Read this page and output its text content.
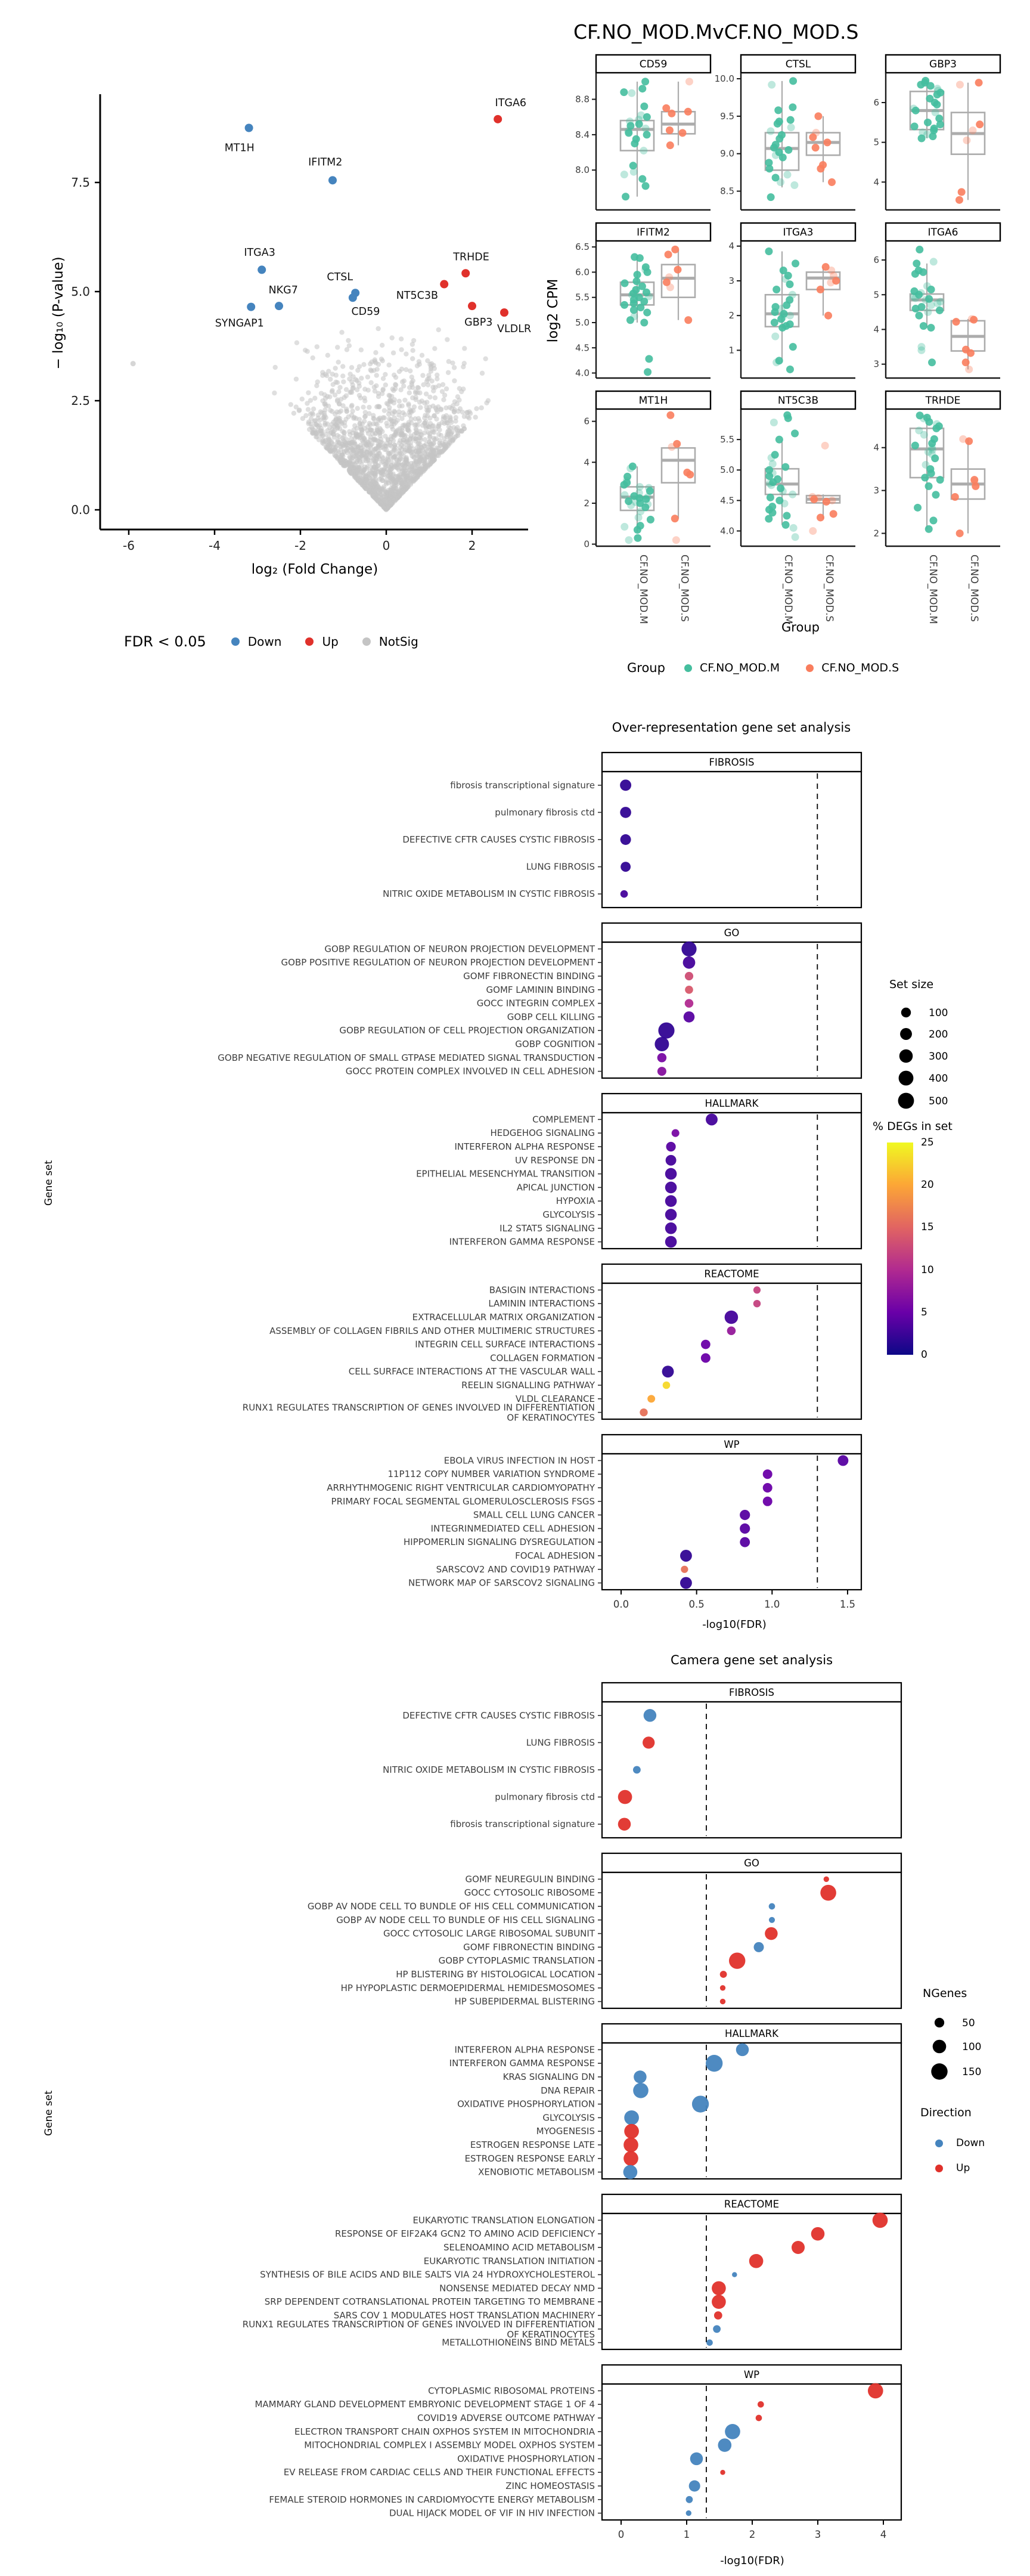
0.0
2.5
5.0
7.5
-6	-4	-2	0	2
MT1H
ITGA6
IFITM2
ITGA3	TRHDE
CTSL
NT5C3B
CD59
NKG7
SYNGAP1	GBP3
VLDLR
CD59
8.0
8.4
8.8
CTSL
8.5
9.0
9.5
10.0
GBP3
4
5
6
IFITM2
4.0
4.5
5.0
5.5
6.0
6.5
ITGA3
1
2
3
4
ITGA6
3
4
5
6
MT1H
0
2
4
6
CF.NO_MOD.M	CF.NO_MOD.S
NT5C3B
4.0
4.5
5.0
5.5
CF.NO_MOD.M	CF.NO_MOD.S
TRHDE
2
3
4
CF.NO_MOD.M	CF.NO_MOD.S
FIBROSIS
fibrosis transcriptional signature
pulmonary fibrosis ctd
DEFECTIVE CFTR CAUSES CYSTIC FIBROSIS
LUNG FIBROSIS
NITRIC OXIDE METABOLISM IN CYSTIC FIBROSIS
GO
GOBP REGULATION OF NEURON PROJECTION DEVELOPMENT
GOBP POSITIVE REGULATION OF NEURON PROJECTION DEVELOPMENT
GOMF FIBRONECTIN BINDING
GOMF LAMININ BINDING
GOCC INTEGRIN COMPLEX
GOBP CELL KILLING
GOBP REGULATION OF CELL PROJECTION ORGANIZATION
GOBP COGNITION
GOBP NEGATIVE REGULATION OF SMALL GTPASE MEDIATED SIGNAL TRANSDUCTION
GOCC PROTEIN COMPLEX INVOLVED IN CELL ADHESION
HALLMARK
COMPLEMENT
HEDGEHOG SIGNALING
INTERFERON ALPHA RESPONSE
UV RESPONSE DN
EPITHELIAL MESENCHYMAL TRANSITION
APICAL JUNCTION
HYPOXIA
GLYCOLYSIS
IL2 STAT5 SIGNALING
INTERFERON GAMMA RESPONSE
REACTOME
BASIGIN INTERACTIONS
LAMININ INTERACTIONS
EXTRACELLULAR MATRIX ORGANIZATION
ASSEMBLY OF COLLAGEN FIBRILS AND OTHER MULTIMERIC STRUCTURES
INTEGRIN CELL SURFACE INTERACTIONS
COLLAGEN FORMATION
CELL SURFACE INTERACTIONS AT THE VASCULAR WALL
REELIN SIGNALLING PATHWAY
VLDL CLEARANCE
RUNX1 REGULATES TRANSCRIPTION OF GENES INVOLVED IN DIFFERENTIATION
OF KERATINOCYTES
WP
EBOLA VIRUS INFECTION IN HOST
11P112 COPY NUMBER VARIATION SYNDROME
ARRHYTHMOGENIC RIGHT VENTRICULAR CARDIOMYOPATHY
PRIMARY FOCAL SEGMENTAL GLOMERULOSCLEROSIS FSGS
SMALL CELL LUNG CANCER
INTEGRINMEDIATED CELL ADHESION
HIPPOMERLIN SIGNALING DYSREGULATION
FOCAL ADHESION
SARSCOV2 AND COVID19 PATHWAY
NETWORK MAP OF SARSCOV2 SIGNALING
0.0	0.5	1.0	1.5
FIBROSIS
DEFECTIVE CFTR CAUSES CYSTIC FIBROSIS
LUNG FIBROSIS
NITRIC OXIDE METABOLISM IN CYSTIC FIBROSIS
pulmonary fibrosis ctd
fibrosis transcriptional signature
GO
GOMF NEUREGULIN BINDING
GOCC CYTOSOLIC RIBOSOME
GOBP AV NODE CELL TO BUNDLE OF HIS CELL COMMUNICATION
GOBP AV NODE CELL TO BUNDLE OF HIS CELL SIGNALING
GOCC CYTOSOLIC LARGE RIBOSOMAL SUBUNIT
GOMF FIBRONECTIN BINDING
GOBP CYTOPLASMIC TRANSLATION
HP BLISTERING BY HISTOLOGICAL LOCATION
HP HYPOPLASTIC DERMOEPIDERMAL HEMIDESMOSOMES
HP SUBEPIDERMAL BLISTERING
HALLMARK
INTERFERON ALPHA RESPONSE
INTERFERON GAMMA RESPONSE
KRAS SIGNALING DN
DNA REPAIR
OXIDATIVE PHOSPHORYLATION
GLYCOLYSIS
MYOGENESIS
ESTROGEN RESPONSE LATE
ESTROGEN RESPONSE EARLY
XENOBIOTIC METABOLISM
REACTOME
EUKARYOTIC TRANSLATION ELONGATION
RESPONSE OF EIF2AK4 GCN2 TO AMINO ACID DEFICIENCY
SELENOAMINO ACID METABOLISM
EUKARYOTIC TRANSLATION INITIATION
SYNTHESIS OF BILE ACIDS AND BILE SALTS VIA 24 HYDROXYCHOLESTEROL
NONSENSE MEDIATED DECAY NMD
SRP DEPENDENT COTRANSLATIONAL PROTEIN TARGETING TO MEMBRANE
SARS COV 1 MODULATES HOST TRANSLATION MACHINERY
RUNX1 REGULATES TRANSCRIPTION OF GENES INVOLVED IN DIFFERENTIATION
OF KERATINOCYTES
METALLOTHIONEINS BIND METALS
WP
CYTOPLASMIC RIBOSOMAL PROTEINS
MAMMARY GLAND DEVELOPMENT EMBRYONIC DEVELOPMENT STAGE 1 OF 4
COVID19 ADVERSE OUTCOME PATHWAY
ELECTRON TRANSPORT CHAIN OXPHOS SYSTEM IN MITOCHONDRIA
MITOCHONDRIAL COMPLEX I ASSEMBLY MODEL OXPHOS SYSTEM
OXIDATIVE PHOSPHORYLATION
EV RELEASE FROM CARDIAC CELLS AND THEIR FUNCTIONAL EFFECTS
ZINC HOMEOSTASIS
FEMALE STEROID HORMONES IN CARDIOMYOCYTE ENERGY METABOLISM
DUAL HIJACK MODEL OF VIF IN HIV INFECTION
0	1	2	3	4
100
200
300
400
500
50
100
150
log₂ (Fold Change)
− log₁₀ (P-value)
FDR < 0.05	Down	Up	NotSig
CF.NO_MOD.MvCF.NO_MOD.S
log2 CPM
Group
Group	CF.NO_MOD.M	CF.NO_MOD.S
Over-representation gene set analysis
-log10(FDR)
Gene set
Set size
% DEGs in set
25
20
15
10
5
0
Camera gene set analysis
-log10(FDR)
Gene set
NGenes
Direction
Down
Up
